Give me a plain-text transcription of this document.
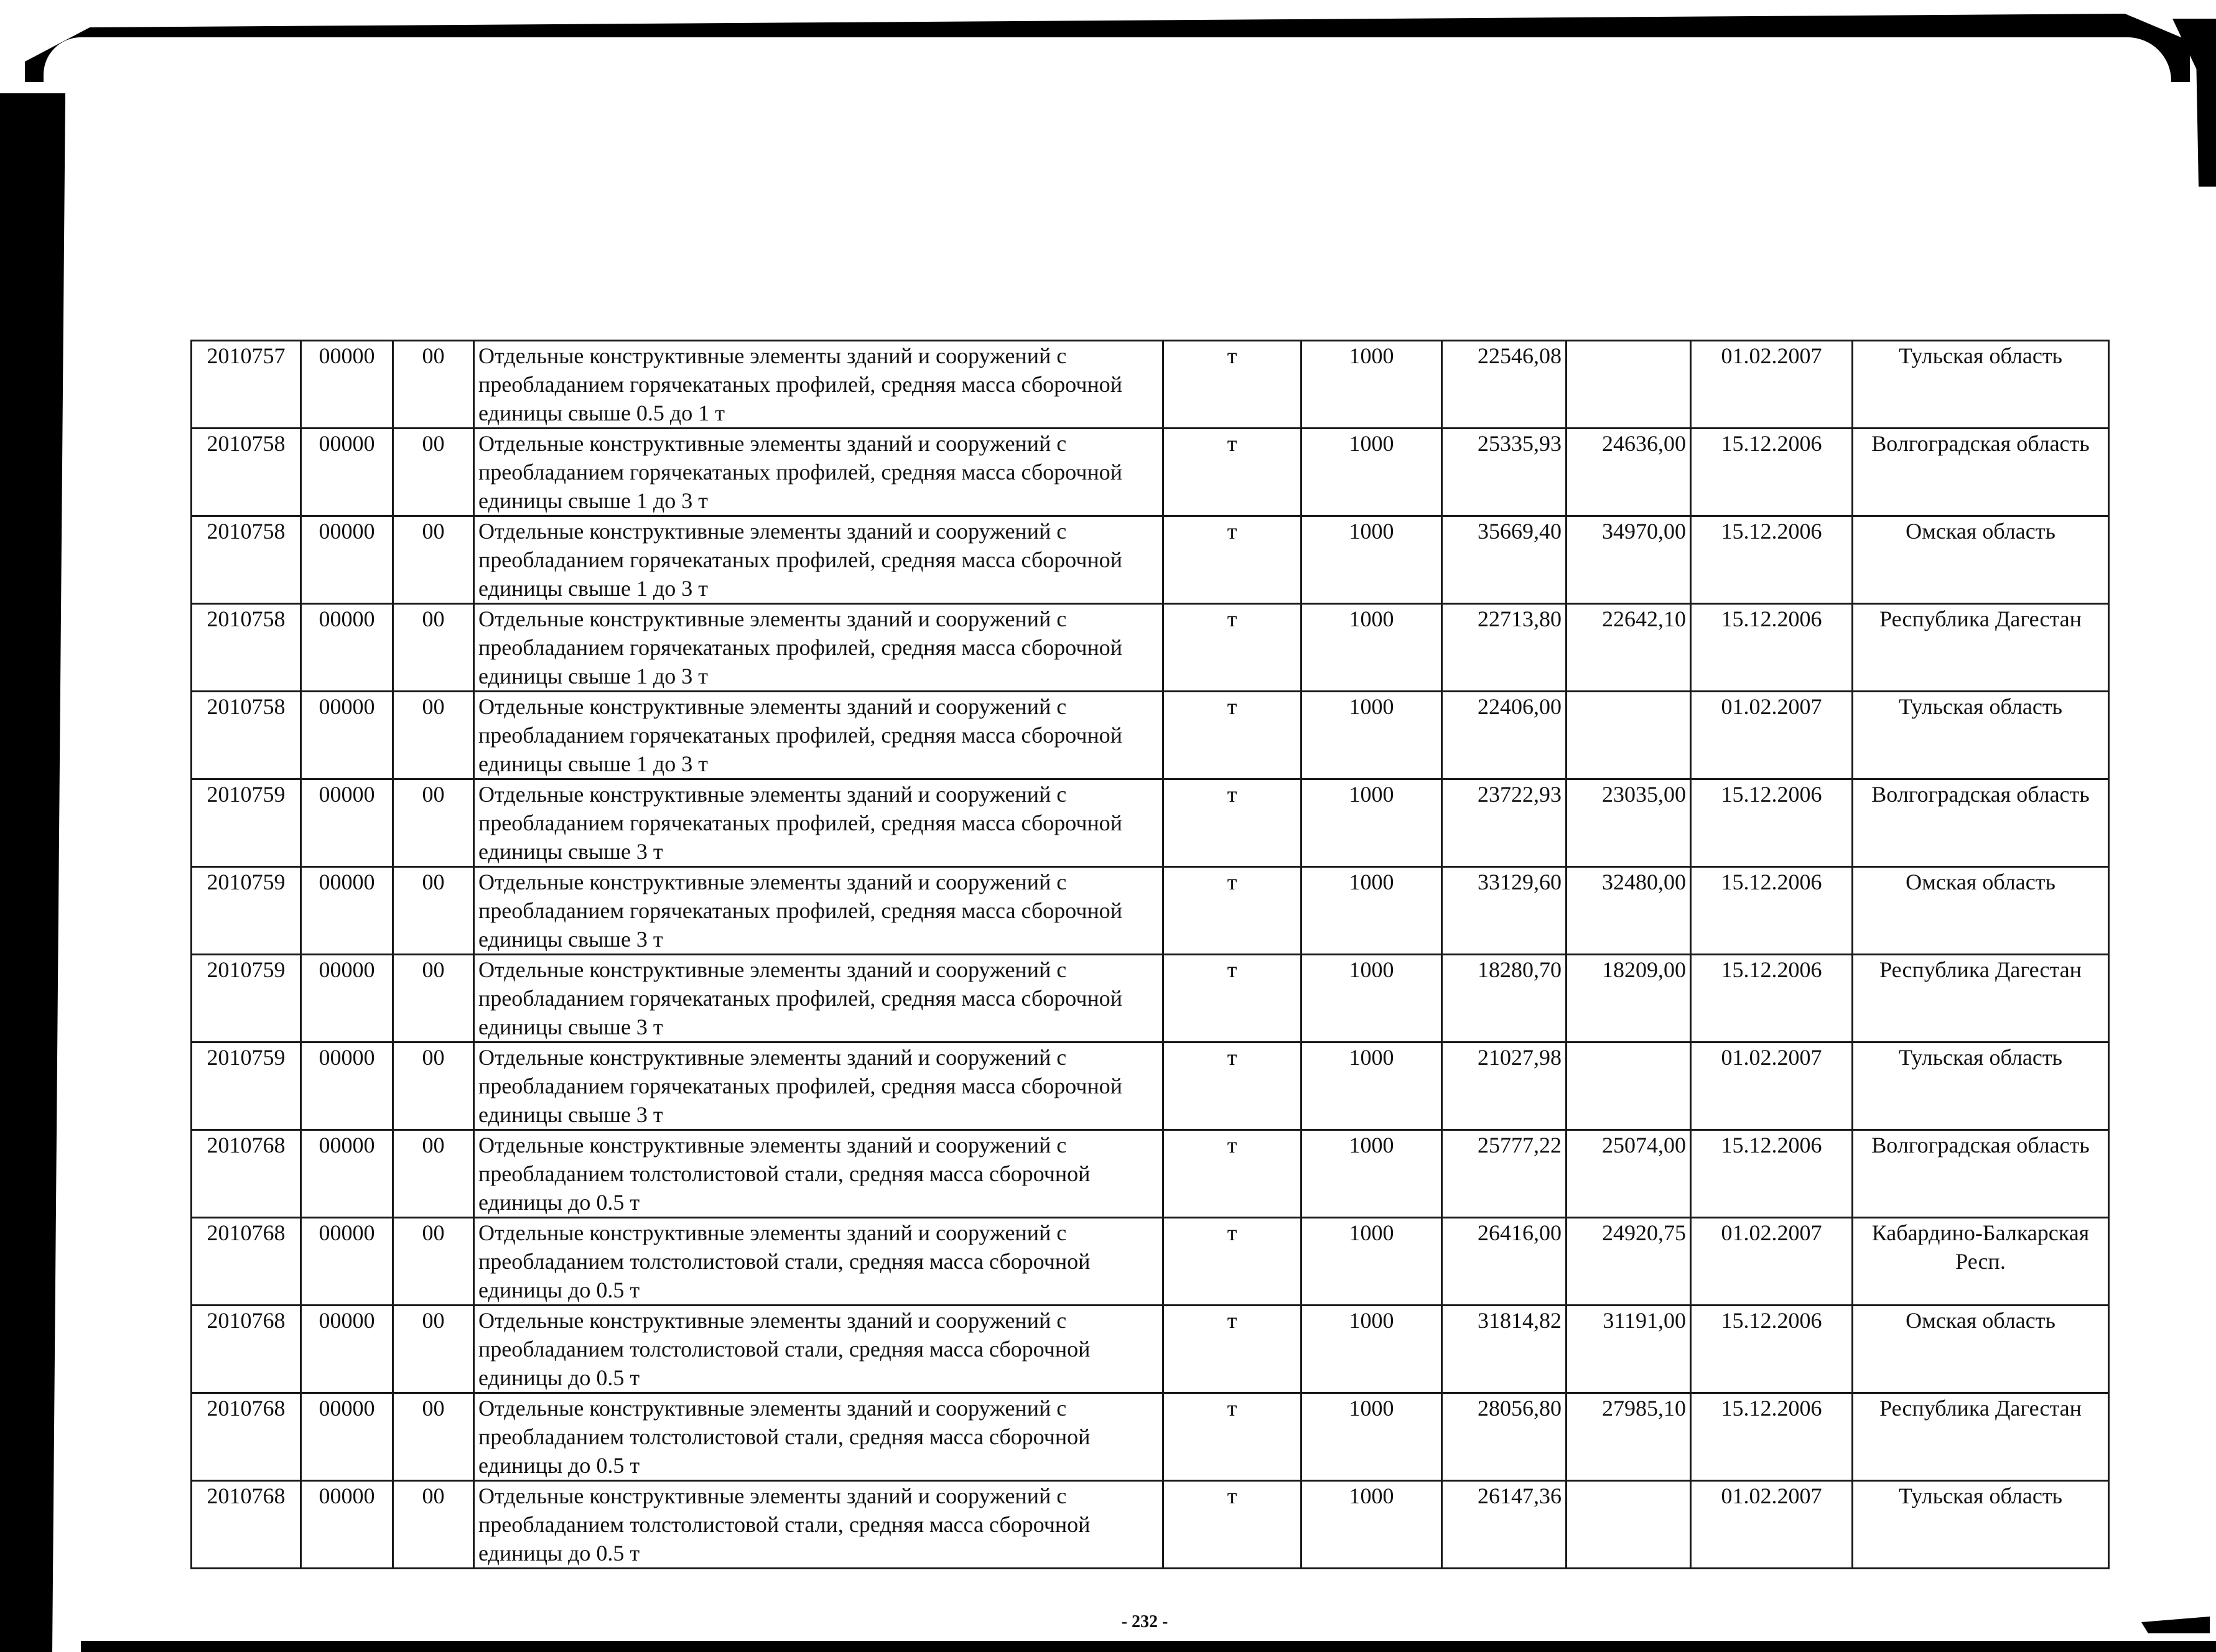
2010757	00000	00	Отдельные конструктивные элементы зданий и сооружений с преобладанием горячекатаных профилей, средняя масса сборочной единицы свыше 0.5 до 1 т	т	1000	22546,08		01.02.2007	Тульская область
2010758	00000	00	Отдельные конструктивные элементы зданий и сооружений с преобладанием горячекатаных профилей, средняя масса сборочной единицы свыше 1 до 3 т	т	1000	25335,93	24636,00	15.12.2006	Волгоградская область
2010758	00000	00	Отдельные конструктивные элементы зданий и сооружений с преобладанием горячекатаных профилей, средняя масса сборочной единицы свыше 1 до 3 т	т	1000	35669,40	34970,00	15.12.2006	Омская область
2010758	00000	00	Отдельные конструктивные элементы зданий и сооружений с преобладанием горячекатаных профилей, средняя масса сборочной единицы свыше 1 до 3 т	т	1000	22713,80	22642,10	15.12.2006	Республика Дагестан
2010758	00000	00	Отдельные конструктивные элементы зданий и сооружений с преобладанием горячекатаных профилей, средняя масса сборочной единицы свыше 1 до 3 т	т	1000	22406,00		01.02.2007	Тульская область
2010759	00000	00	Отдельные конструктивные элементы зданий и сооружений с преобладанием горячекатаных профилей, средняя масса сборочной единицы свыше 3 т	т	1000	23722,93	23035,00	15.12.2006	Волгоградская область
2010759	00000	00	Отдельные конструктивные элементы зданий и сооружений с преобладанием горячекатаных профилей, средняя масса сборочной единицы свыше 3 т	т	1000	33129,60	32480,00	15.12.2006	Омская область
2010759	00000	00	Отдельные конструктивные элементы зданий и сооружений с преобладанием горячекатаных профилей, средняя масса сборочной единицы свыше 3 т	т	1000	18280,70	18209,00	15.12.2006	Республика Дагестан
2010759	00000	00	Отдельные конструктивные элементы зданий и сооружений с преобладанием горячекатаных профилей, средняя масса сборочной единицы свыше 3 т	т	1000	21027,98		01.02.2007	Тульская область
2010768	00000	00	Отдельные конструктивные элементы зданий и сооружений с преобладанием толстолистовой стали, средняя масса сборочной единицы до 0.5 т	т	1000	25777,22	25074,00	15.12.2006	Волгоградская область
2010768	00000	00	Отдельные конструктивные элементы зданий и сооружений с преобладанием толстолистовой стали, средняя масса сборочной единицы до 0.5 т	т	1000	26416,00	24920,75	01.02.2007	Кабардино-Балкарская Респ.
2010768	00000	00	Отдельные конструктивные элементы зданий и сооружений с преобладанием толстолистовой стали, средняя масса сборочной единицы до 0.5 т	т	1000	31814,82	31191,00	15.12.2006	Омская область
2010768	00000	00	Отдельные конструктивные элементы зданий и сооружений с преобладанием толстолистовой стали, средняя масса сборочной единицы до 0.5 т	т	1000	28056,80	27985,10	15.12.2006	Республика Дагестан
2010768	00000	00	Отдельные конструктивные элементы зданий и сооружений с преобладанием толстолистовой стали, средняя масса сборочной единицы до 0.5 т	т	1000	26147,36		01.02.2007	Тульская область
- 232 -
